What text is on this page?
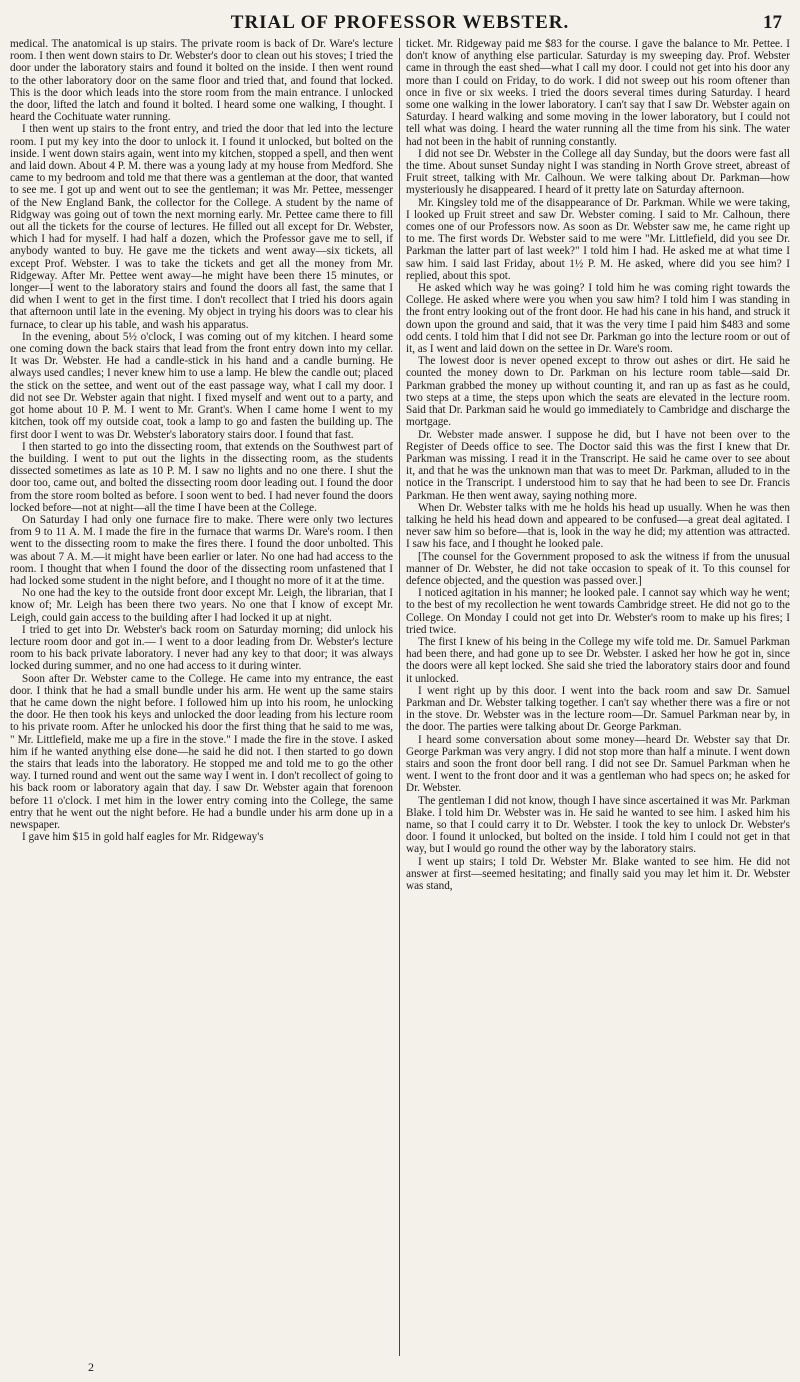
TRIAL OF PROFESSOR WEBSTER.	17

medical. The anatomical is up stairs. The private room is back of Dr. Ware's lecture room. I then went down stairs to Dr. Webster's door to clean out his stoves; I tried the door under the laboratory stairs and found it bolted on the inside. I then went round to the other laboratory door on the same floor and tried that, and found that locked. This is the door which leads into the store room from the main entrance. I unlocked the door, lifted the latch and found it bolted. I heard some one walking, I thought. I heard the Cochituate water running.

I then went up stairs to the front entry, and tried the door that led into the lecture room. I put my key into the door to unlock it. I found it unlocked, but bolted on the inside. I went down stairs again, went into my kitchen, stopped a spell, and then went and laid down. About 4 P. M. there was a young lady at my house from Medford. She came to my bedroom and told me that there was a gentleman at the door, that wanted to see me. I got up and went out to see the gentleman; it was Mr. Pettee, messenger of the New England Bank, the collector for the College. A student by the name of Ridgway was going out of town the next morning early. Mr. Pettee came there to fill out all the tickets for the course of lectures. He filled out all except for Dr. Webster, which I had for myself. I had half a dozen, which the Professor gave me to sell, if anybody wanted to buy. He gave me the tickets and went away—six tickets, all except Prof. Webster. I was to take the tickets and get all the money from Mr. Ridgeway. After Mr. Pettee went away—he might have been there 15 minutes, or longer—I went to the laboratory stairs and found the doors all fast, the same that I did when I went to get in the first time. I don't recollect that I tried his doors again that afternoon until late in the evening. My object in trying his doors was to clear his furnace, to clear up his table, and wash his apparatus.

In the evening, about 5½ o'clock, I was coming out of my kitchen. I heard some one coming down the back stairs that lead from the front entry down into my cellar. It was Dr. Webster. He had a candle-stick in his hand and a candle burning. He always used candles; I never knew him to use a lamp. He blew the candle out; placed the stick on the settee, and went out of the east passage way, what I call my door. I did not see Dr. Webster again that night. I fixed myself and went out to a party, and got home about 10 P. M. I went to Mr. Grant's. When I came home I went to my kitchen, took off my outside coat, took a lamp to go and fasten the building up. The first door I went to was Dr. Webster's laboratory stairs door. I found that fast.

I then started to go into the dissecting room, that extends on the Southwest part of the building. I went to put out the lights in the dissecting room, as the students dissected sometimes as late as 10 P. M. I saw no lights and no one there. I shut the door too, came out, and bolted the dissecting room door leading out. I found the door from the store room bolted as before. I soon went to bed. I had never found the doors locked before—not at night—all the time I have been at the College.

On Saturday I had only one furnace fire to make. There were only two lectures from 9 to 11 A. M. I made the fire in the furnace that warms Dr. Ware's room. I then went to the dissecting room to make the fires there. I found the door unbolted. This was about 7 A. M.—it might have been earlier or later. No one had had access to the room. I thought that when I found the door of the dissecting room unfastened that I had locked some student in the night before, and I thought no more of it at the time.

No one had the key to the outside front door except Mr. Leigh, the librarian, that I know of; Mr. Leigh has been there two years. No one that I know of except Mr. Leigh, could gain access to the building after I had locked it up at night.

I tried to get into Dr. Webster's back room on Saturday morning; did unlock his lecture room door and got in.— I went to a door leading from Dr. Webster's lecture room to his back private laboratory. I never had any key to that door; it was always locked during summer, and no one had access to it during winter.

Soon after Dr. Webster came to the College. He came into my entrance, the east door. I think that he had a small bundle under his arm. He went up the same stairs that he came down the night before. I followed him up into his room, he unlocking the door. He then took his keys and unlocked the door leading from his lecture room to his private room. After he unlocked his door the first thing that he said to me was, " Mr. Littlefield, make me up a fire in the stove." I made the fire in the stove. I asked him if he wanted anything else done—he said he did not. I then started to go down the stairs that leads into the laboratory. He stopped me and told me to go the other way. I turned round and went out the same way I went in. I don't recollect of going to his back room or laboratory again that day. I saw Dr. Webster again that forenoon before 11 o'clock. I met him in the lower entry coming into the College, the same entry that he went out the night before. He had a bundle under his arm done up in a newspaper.

I gave him $15 in gold half eagles for Mr. Ridgeway's

ticket. Mr. Ridgeway paid me $83 for the course. I gave the balance to Mr. Pettee. I don't know of anything else particular. Saturday is my sweeping day. Prof. Webster came in through the east shed—what I call my door. I could not get into his door any more than I could on Friday, to do work. I did not sweep out his room oftener than once in five or six weeks. I tried the doors several times during Saturday. I heard some one walking in the lower laboratory. I can't say that I saw Dr. Webster again on Saturday. I heard walking and some moving in the lower laboratory, but I could not tell what was doing. I heard the water running all the time from his sink. The water had not been in the habit of running constantly.

I did not see Dr. Webster in the College all day Sunday, but the doors were fast all the time. About sunset Sunday night I was standing in North Grove street, abreast of Fruit street, talking with Mr. Calhoun. We were talking about Dr. Parkman—how mysteriously he disappeared. I heard of it pretty late on Saturday afternoon.

Mr. Kingsley told me of the disappearance of Dr. Parkman. While we were taking, I looked up Fruit street and saw Dr. Webster coming. I said to Mr. Calhoun, there comes one of our Professors now. As soon as Dr. Webster saw me, he came right up to me. The first words Dr. Webster said to me were "Mr. Littlefield, did you see Dr. Parkman the latter part of last week?" I told him I had. He asked me at what time I saw him. I said last Friday, about 1½ P. M. He asked, where did you see him? I replied, about this spot.

He asked which way he was going? I told him he was coming right towards the College. He asked where were you when you saw him? I told him I was standing in the front entry looking out of the front door. He had his cane in his hand, and struck it down upon the ground and said, that it was the very time I paid him $483 and some odd cents. I told him that I did not see Dr. Parkman go into the lecture room or out of it, as I went and laid down on the settee in Dr. Ware's room.

The lowest door is never opened except to throw out ashes or dirt. He said he counted the money down to Dr. Parkman on his lecture room table—said Dr. Parkman grabbed the money up without counting it, and ran up as fast as he could, two steps at a time, the steps upon which the seats are elevated in the lecture room. Said that Dr. Parkman said he would go immediately to Cambridge and discharge the mortgage.

Dr. Webster made answer. I suppose he did, but I have not been over to the Register of Deeds office to see. The Doctor said this was the first I knew that Dr. Parkman was missing. I read it in the Transcript. He said he came over to see about it, and that he was the unknown man that was to meet Dr. Parkman, alluded to in the notice in the Transcript. I understood him to say that he had been to see Dr. Francis Parkman. He then went away, saying nothing more.

When Dr. Webster talks with me he holds his head up usually. When he was then talking he held his head down and appeared to be confused—a great deal agitated. I never saw him so before—that is, look in the way he did; my attention was attracted. I saw his face, and I thought he looked pale.

[The counsel for the Government proposed to ask the witness if from the unusual manner of Dr. Webster, he did not take occasion to speak of it. To this counsel for defence objected, and the question was passed over.]

I noticed agitation in his manner; he looked pale. I cannot say which way he went; to the best of my recollection he went towards Cambridge street. He did not go to the College. On Monday I could not get into Dr. Webster's room to make up his fires; I tried twice.

The first I knew of his being in the College my wife told me. Dr. Samuel Parkman had been there, and had gone up to see Dr. Webster. I asked her how he got in, since the doors were all kept locked. She said she tried the laboratory stairs door and found it unlocked.

I went right up by this door. I went into the back room and saw Dr. Samuel Parkman and Dr. Webster talking together. I can't say whether there was a fire or not in the stove. Dr. Webster was in the lecture room—Dr. Samuel Parkman near by, in the door. The parties were talking about Dr. George Parkman.

I heard some conversation about some money—heard Dr. Webster say that Dr. George Parkman was very angry. I did not stop more than half a minute. I went down stairs and soon the front door bell rang. I did not see Dr. Samuel Parkman when he went. I went to the front door and it was a gentleman who had specs on; he asked for Dr. Webster.

The gentleman I did not know, though I have since ascertained it was Mr. Parkman Blake. I told him Dr. Webster was in. He said he wanted to see him. I asked him his name, so that I could carry it to Dr. Webster. I took the key to unlock Dr. Webster's door. I found it unlocked, but bolted on the inside. I told him I could not get in that way, but I would go round the other way by the laboratory stairs.

I went up stairs; I told Dr. Webster Mr. Blake wanted to see him. He did not answer at first—seemed hesitating; and finally said you may let him it. Dr. Webster was stand,

2
